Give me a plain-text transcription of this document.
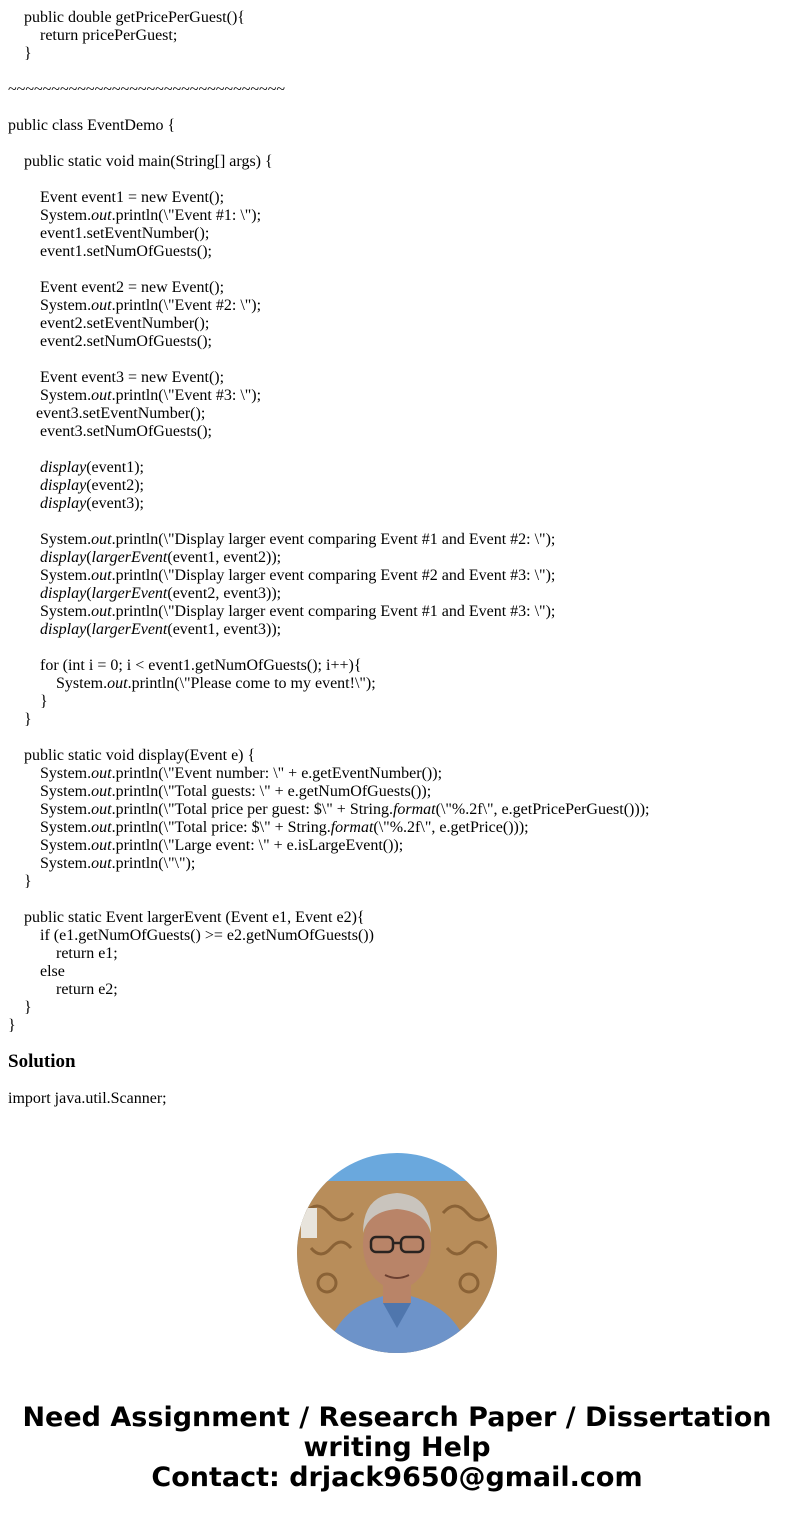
public double getPricePerGuest(){
return pricePerGuest;
}
~~~~~~~~~~~~~~~~~~~~~~~~~~~~~~~~
public class EventDemo {
public static void main(String[] args) {
Event event1 = new Event();
System.out.println(\"Event #1: \");
event1.setEventNumber();
event1.setNumOfGuests();
Event event2 = new Event();
System.out.println(\"Event #2: \");
event2.setEventNumber();
event2.setNumOfGuests();
Event event3 = new Event();
System.out.println(\"Event #3: \");
event3.setEventNumber();
event3.setNumOfGuests();
display(event1);
display(event2);
display(event3);
System.out.println(\"Display larger event comparing Event #1 and Event #2: \");
display(largerEvent(event1, event2));
System.out.println(\"Display larger event comparing Event #2 and Event #3: \");
display(largerEvent(event2, event3));
System.out.println(\"Display larger event comparing Event #1 and Event #3: \");
display(largerEvent(event1, event3));
for (int i = 0; i < event1.getNumOfGuests(); i++){
System.out.println(\"Please come to my event!\");
}
}
public static void display(Event e) {
System.out.println(\"Event number: \" + e.getEventNumber());
System.out.println(\"Total guests: \" + e.getNumOfGuests());
System.out.println(\"Total price per guest: $\" + String.format(\"%.2f\", e.getPricePerGuest()));
System.out.println(\"Total price: $\" + String.format(\"%.2f\", e.getPrice()));
System.out.println(\"Large event: \" + e.isLargeEvent());
System.out.println(\"\");
}
public static Event largerEvent (Event e1, Event e2){
if (e1.getNumOfGuests() >= e2.getNumOfGuests())
return e1;
else
return e2;
}
}
Solution
import java.util.Scanner;
Need Assignment / Research Paper / Dissertation
writing Help
Contact: drjack9650@gmail.com
